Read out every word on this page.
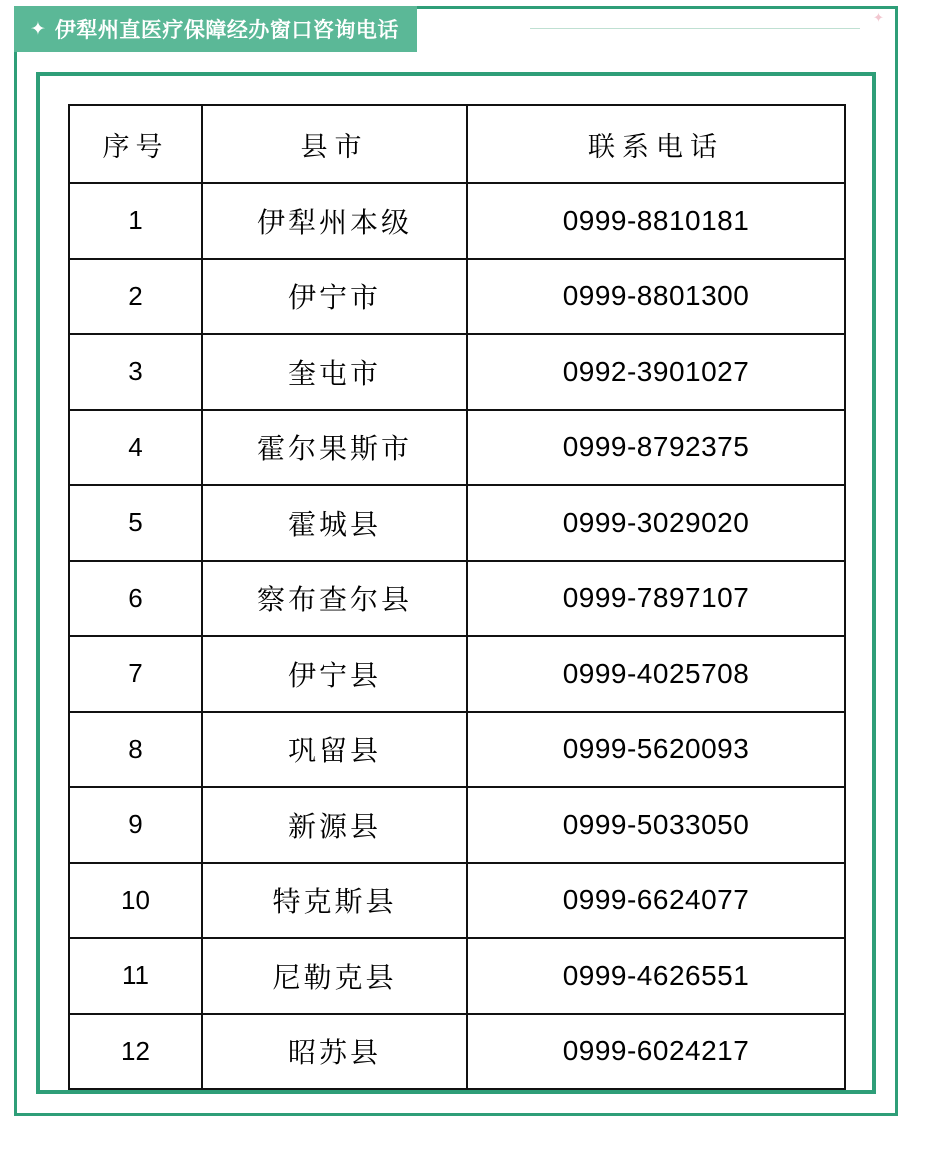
✦
✦ 伊犁州直医疗保障经办窗口咨询电话
序号	县市	联系电话
1	伊犁州本级	0999-8810181
2	伊宁市	0999-8801300
3	奎屯市	0992-3901027
4	霍尔果斯市	0999-8792375
5	霍城县	0999-3029020
6	察布查尔县	0999-7897107
7	伊宁县	0999-4025708
8	巩留县	0999-5620093
9	新源县	0999-5033050
10	特克斯县	0999-6624077
11	尼勒克县	0999-4626551
12	昭苏县	0999-6024217
